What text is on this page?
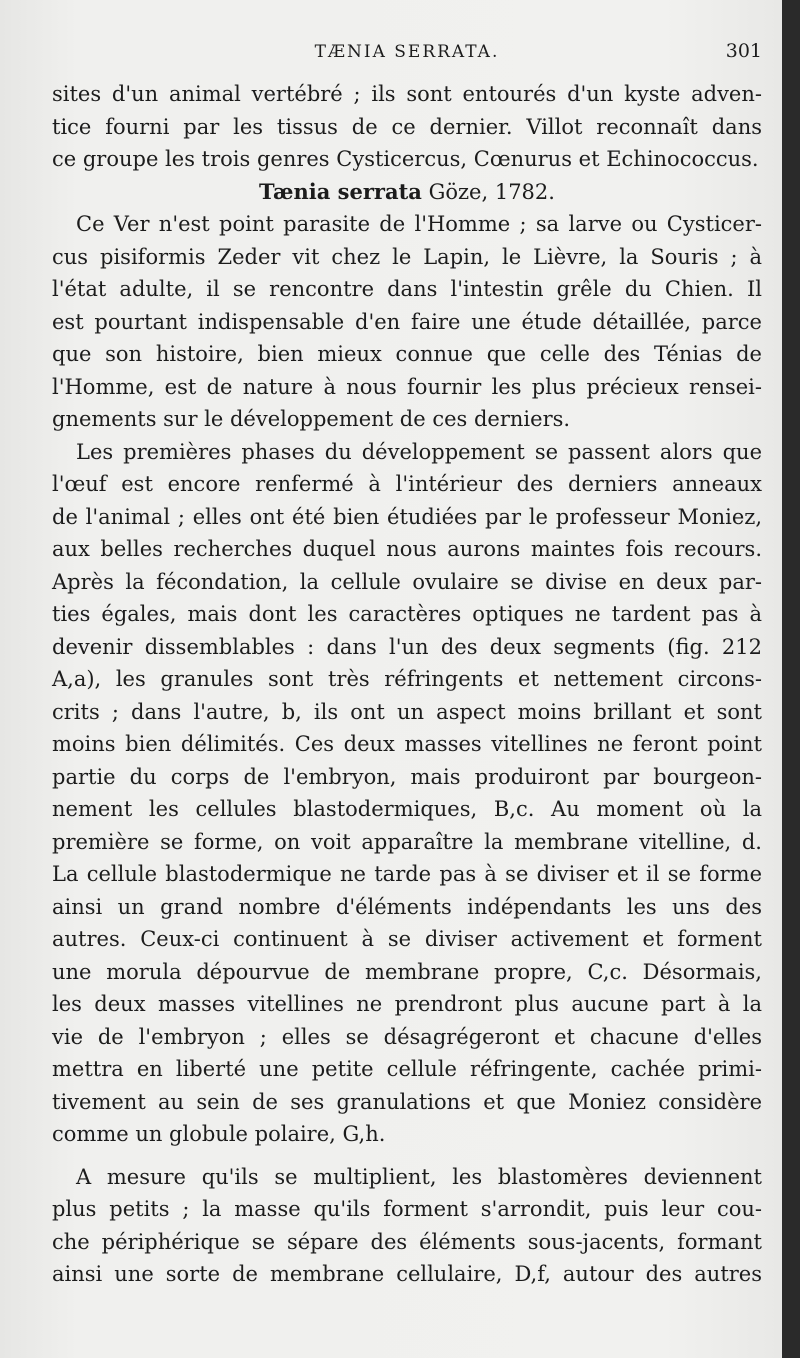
TÆNIA SERRATA.	301

sites d'un animal vertébré ; ils sont entourés d'un kyste adven-
tice fourni par les tissus de ce dernier. Villot reconnaît dans
ce groupe les trois genres Cysticercus, Cœnurus et Echinococcus.

Tænia serrata Göze, 1782.

Ce Ver n'est point parasite de l'Homme ; sa larve ou Cysticer-
cus pisiformis Zeder vit chez le Lapin, le Lièvre, la Souris ; à
l'état adulte, il se rencontre dans l'intestin grêle du Chien. Il
est pourtant indispensable d'en faire une étude détaillée, parce
que son histoire, bien mieux connue que celle des Ténias de
l'Homme, est de nature à nous fournir les plus précieux rensei-
gnements sur le développement de ces derniers.

Les premières phases du développement se passent alors que
l'œuf est encore renfermé à l'intérieur des derniers anneaux
de l'animal ; elles ont été bien étudiées par le professeur Moniez,
aux belles recherches duquel nous aurons maintes fois recours.
Après la fécondation, la cellule ovulaire se divise en deux par-
ties égales, mais dont les caractères optiques ne tardent pas à
devenir dissemblables : dans l'un des deux segments (fig. 212
A,a), les granules sont très réfringents et nettement circons-
crits ; dans l'autre, b, ils ont un aspect moins brillant et sont
moins bien délimités. Ces deux masses vitellines ne feront point
partie du corps de l'embryon, mais produiront par bourgeon-
nement les cellules blastodermiques, B,c. Au moment où la
première se forme, on voit apparaître la membrane vitelline, d.
La cellule blastodermique ne tarde pas à se diviser et il se forme
ainsi un grand nombre d'éléments indépendants les uns des
autres. Ceux-ci continuent à se diviser activement et forment
une morula dépourvue de membrane propre, C,c. Désormais,
les deux masses vitellines ne prendront plus aucune part à la
vie de l'embryon ; elles se désagrégeront et chacune d'elles
mettra en liberté une petite cellule réfringente, cachée primi-
tivement au sein de ses granulations et que Moniez considère
comme un globule polaire, G,h.

A mesure qu'ils se multiplient, les blastomères deviennent
plus petits ; la masse qu'ils forment s'arrondit, puis leur cou-
che périphérique se sépare des éléments sous-jacents, formant
ainsi une sorte de membrane cellulaire, D,f, autour des autres
